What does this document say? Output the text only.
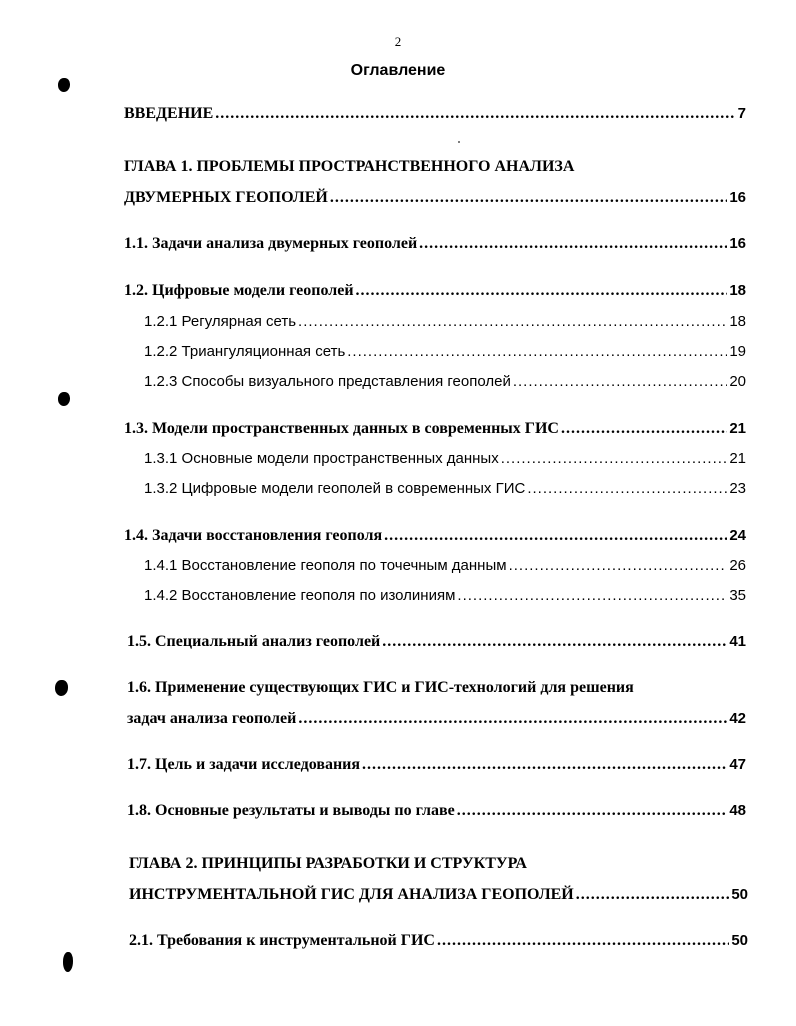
2
Оглавление
ВВЕДЕНИЕ .....	7
ГЛАВА 1. ПРОБЛЕМЫ ПРОСТРАНСТВЕННОГО АНАЛИЗА
ДВУМЕРНЫХ ГЕОПОЛЕЙ .....	16
1.1. Задачи анализа двумерных геополей .....	16
1.2. Цифровые модели геополей .....	18
1.2.1 Регулярная сеть .....	18
1.2.2 Триангуляционная сеть .....	19
1.2.3 Способы визуального представления геополей .....	20
1.3. Модели пространственных данных в современных ГИС .....	21
1.3.1 Основные модели пространственных данных .....	21
1.3.2 Цифровые модели геополей в современных ГИС .....	23
1.4. Задачи восстановления геополя .....	24
1.4.1 Восстановление геополя по точечным данным .....	26
1.4.2 Восстановление геополя по изолиниям .....	35
1.5. Специальный анализ геополей .....	41
1.6. Применение существующих ГИС и ГИС-технологий для решения
задач анализа геополей .....	42
1.7. Цель и задачи исследования .....	47
1.8. Основные результаты и выводы по главе .....	48
ГЛАВА 2. ПРИНЦИПЫ РАЗРАБОТКИ И СТРУКТУРА
ИНСТРУМЕНТАЛЬНОЙ ГИС ДЛЯ АНАЛИЗА ГЕОПОЛЕЙ .....	50
2.1. Требования к инструментальной ГИС .....	50
